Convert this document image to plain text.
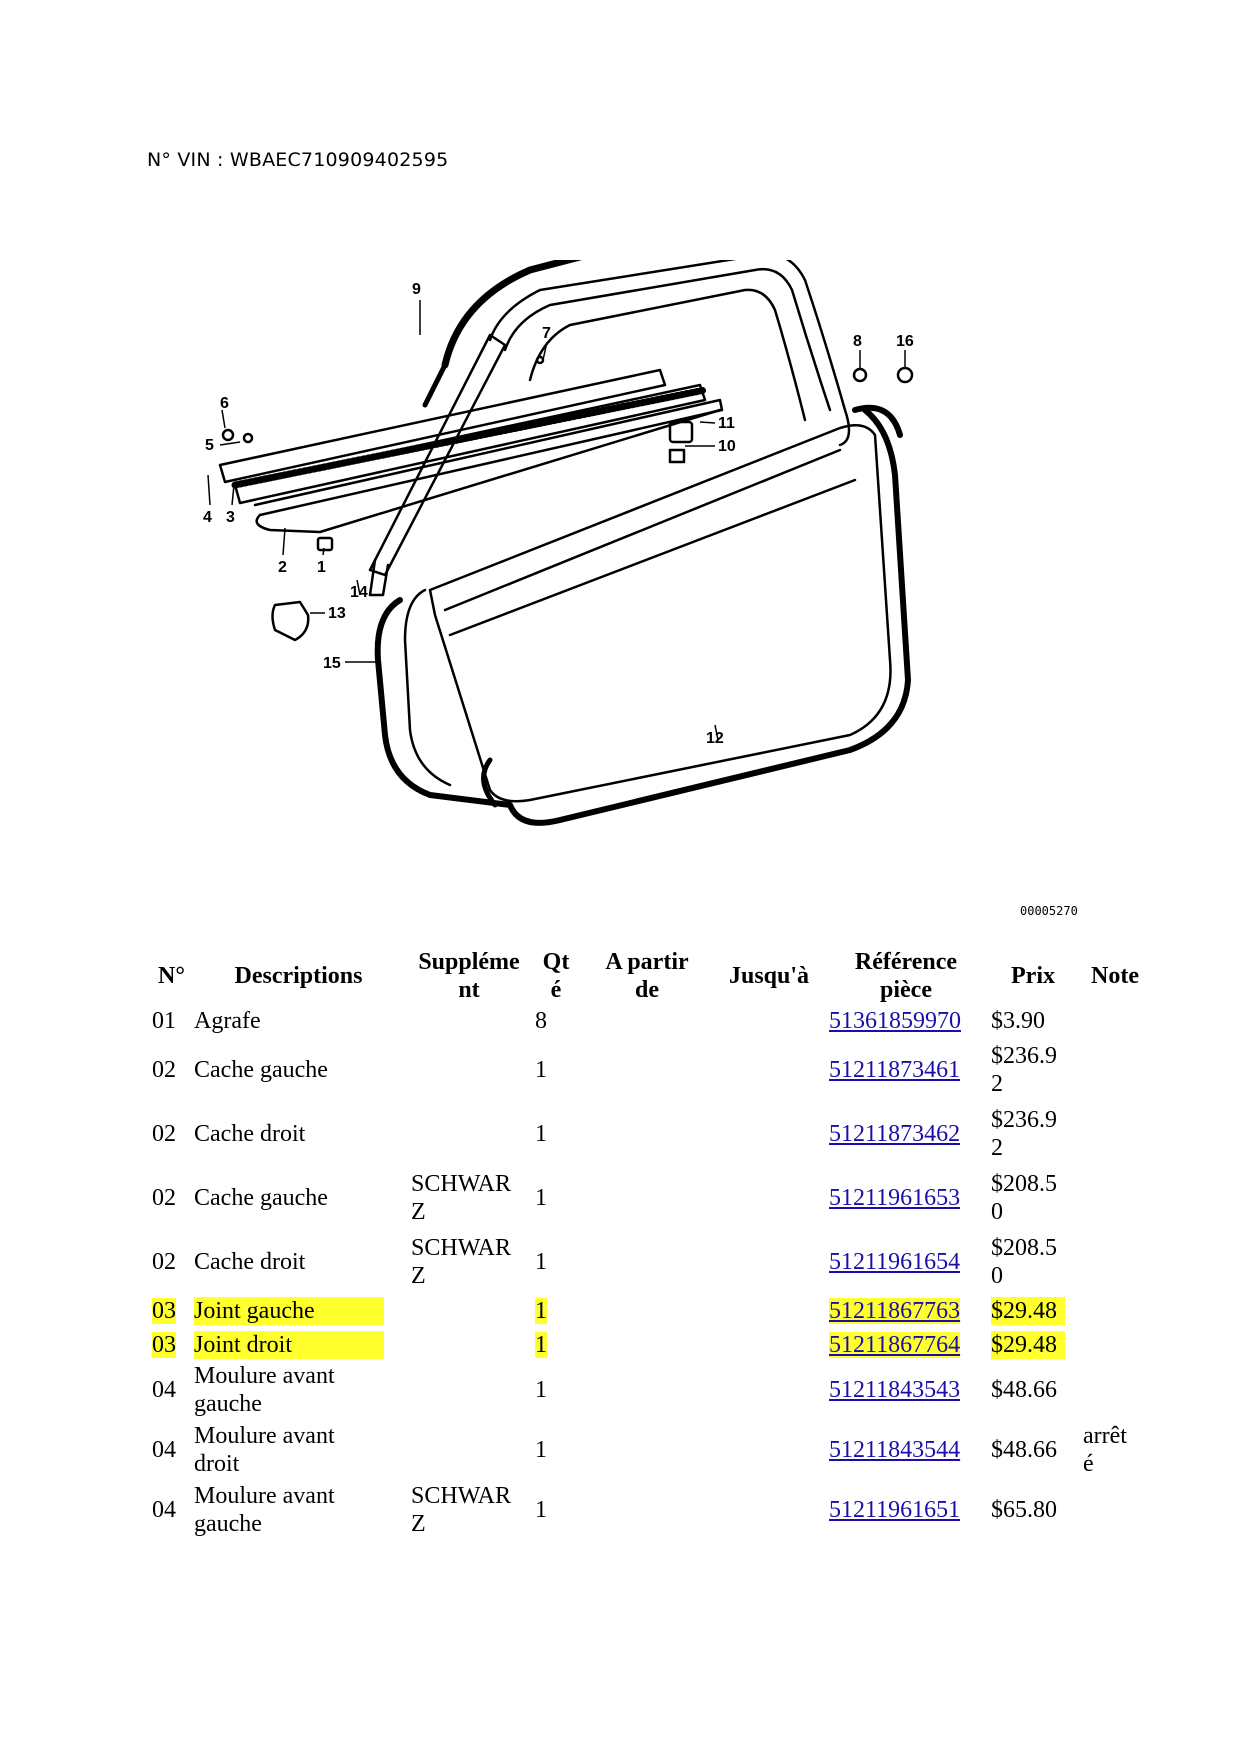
N° VIN : WBAEC710909402595
9
7	8 16
6
5
11
10
4 3
2 1
14
13
15
12
00005270
N°	Descriptions	Supplément	Qté	A partir de	Jusqu'à	Référence pièce	Prix	Note
01	Agrafe		8			51361859970	$3.90	
02	Cache gauche		1			51211873461	$236.92	
02	Cache droit		1			51211873462	$236.92	
02	Cache gauche	SCHWARZ	1			51211961653	$208.50	
02	Cache droit	SCHWARZ	1			51211961654	$208.50	
03	Joint gauche		1			51211867763	$29.48	
03	Joint droit		1			51211867764	$29.48	
04	Moulure avant gauche		1			51211843543	$48.66	
04	Moulure avant droit		1			51211843544	$48.66	arrêté
04	Moulure avant gauche	SCHWARZ	1			51211961651	$65.80	
